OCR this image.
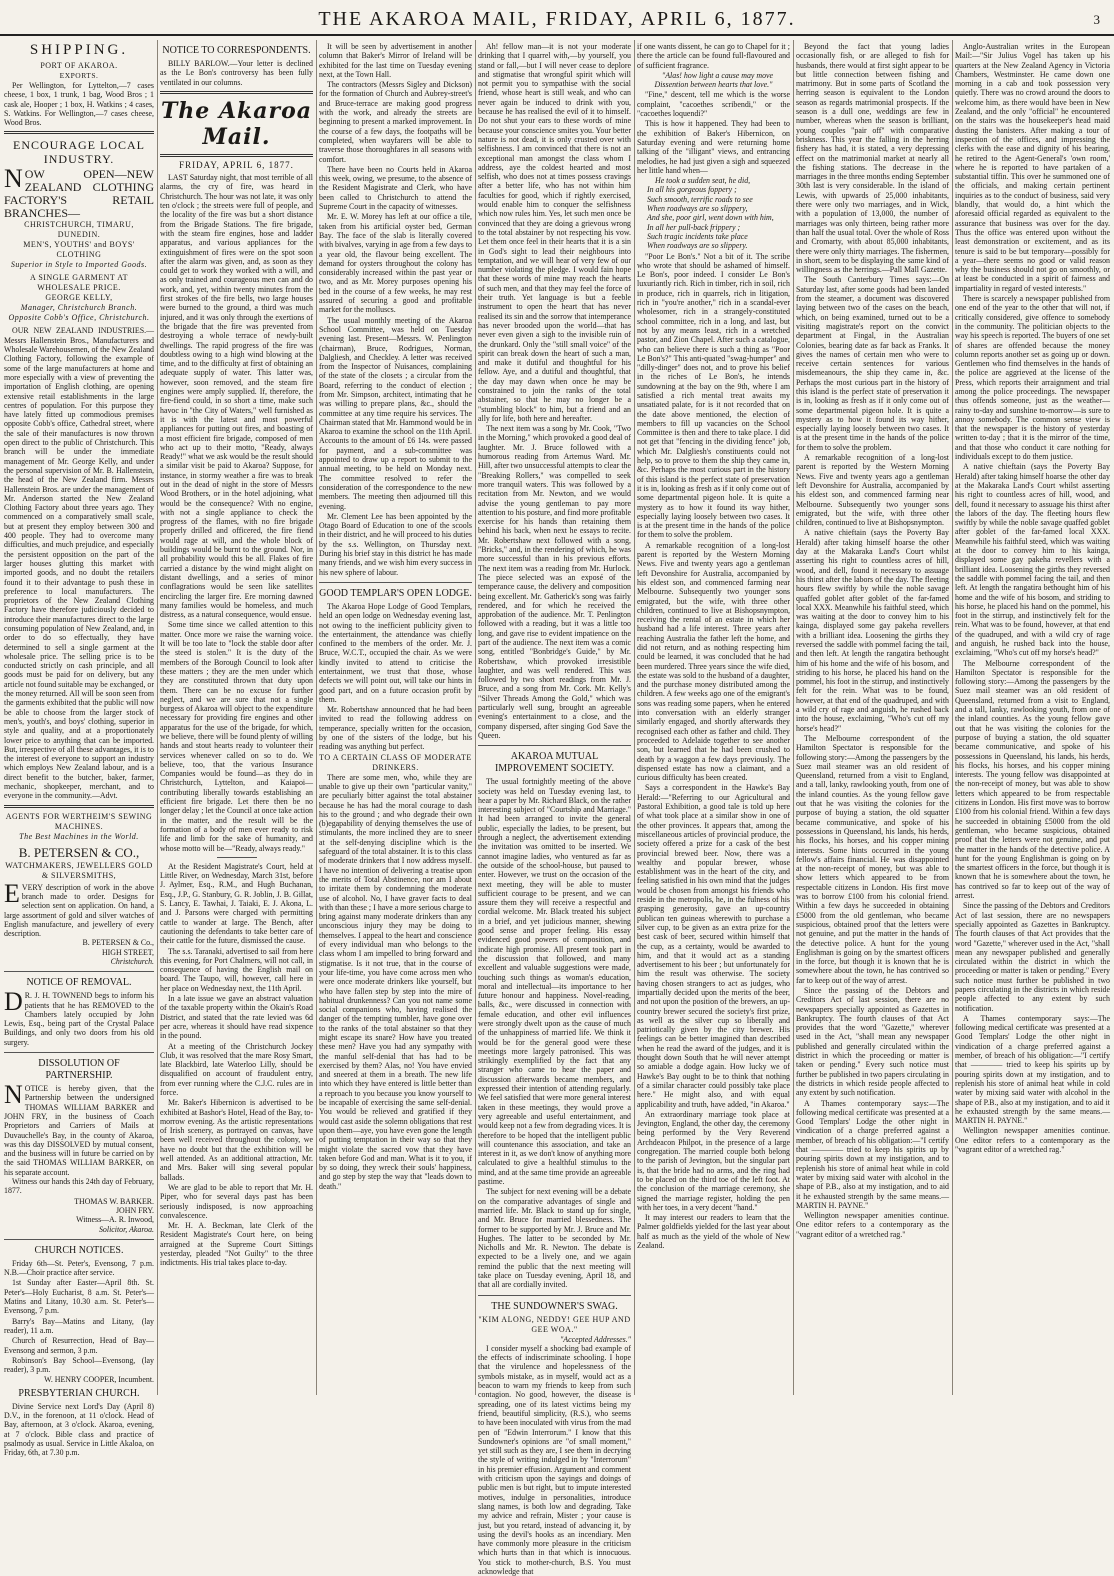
THE AKAROA MAIL, FRIDAY, APRIL 6, 1877.	3
SHIPPING.
PORT OF AKAROA.
EXPORTS.

Per Wellington, for Lyttelton,—7 cases cheese, 1 box, 1 trunk, 1 bag, Wood Bros ; 1 cask ale, Hooper ; 1 box, H. Watkins ; 4 cases, S. Watkins. For Wellington,—7 cases cheese, Wood Bros.

ENCOURAGE LOCAL INDUSTRY.
NOW OPEN—NEW ZEALAND CLOTHING FACTORY'S RETAIL BRANCHES—
CHRISTCHURCH, TIMARU, DUNEDIN.
MEN'S, YOUTHS' and BOYS' CLOTHING
Superior in Style to Imported Goods.
A SINGLE GARMENT AT WHOLESALE PRICE.
GEORGE KELLY,
Manager, Christchurch Branch.
Opposite Cobb's Office, Christchurch.

OUR NEW ZEALAND INDUSTRIES.—Messrs Hallenstein Bros., Manufacturers and Wholesale Warehousemen, of the New Zealand Clothing Factory, following the example of some of the large manufacturers at home and more especially with a view of preventing the importation of English clothing, are opening extensive retail establishments in the large centres of population. For this purpose they have lately fitted up commodious premises opposite Cobb's office, Cathedral street, where the sale of their manufactures is now thrown open direct to the public of Christchurch. This branch will be under the immediate management of Mr. George Kelly, and under the personal supervision of Mr. B. Hallenstein, the head of the New Zealand firm. Messrs Hallenstein Bros. are under the management of Mr. Anderson started the New Zealand Clothing Factory about three years ago. They commenced on a comparatively small scale, but at present they employ between 300 and 400 people. They had to overcome many difficulties, and much prejudice, and especially the persistent opposition on the part of the larger houses glutting this market with imported goods, and no doubt the retailers found it to their advantage to push these in preference to local manufacturers. The proprietors of the New Zealand Clothing Factory have therefore judiciously decided to introduce their manufactures direct to the large consuming population of New Zealand, and, in order to do so effectually, they have determined to sell a single garment at the wholesale price. The selling price is to be conducted strictly on cash principle, and all goods must be paid for on delivery, but any article not found suitable may be exchanged, or the money returned. All will be soon seen from the garments exhibited that the public will now be able to choose from the larger stock of men's, youth's, and boys' clothing, superior in style and quality, and at a proportionately lower price to anything that can be imported. But, irrespective of all these advantages, it is to the interest of everyone to support an industry which employs New Zealand labour, and is a direct benefit to the butcher, baker, farmer, mechanic, shopkeeper, merchant, and to everyone in the community.—Advt.

AGENTS FOR WERTHEIM'S SEWING MACHINES.
The Best Machines in the World.
B. PETERSEN & CO.,
WATCHMAKERS, JEWELLERS GOLD & SILVERSMITHS,
EVERY description of work in the above branch made to order. Designs for selection sent on application. On hand, a large assortment of gold and silver watches of English manufacture, and jewellery of every description.
B. PETERSEN & Co.,
HIGH STREET,
Christchurch.
NOTICE OF REMOVAL.
D R. J. H. TOWNEND begs to inform his patients that he has REMOVED to the Chambers lately occupied by John Lewis, Esq., being part of the Crystal Palace Buildings, and only two doors from his old surgery.
DISSOLUTION OF PARTNERSHIP.
NOTICE is hereby given, that the Partnership between the undersigned THOMAS WILLIAM BARKER and JOHN FRY, in the business of Coach Proprietors and Carriers of Mails at Duvauchelle's Bay, in the county of Akaroa, was this day DISSOLVED by mutual consent, and the business will in future be carried on by the said THOMAS WILLIAM BARKER, on his separate account.

Witness our hands this 24th day of February, 1877.

THOMAS W. BARKER.
JOHN FRY.
Witness—A. R. Inwood,
Solicitor, Akaroa.
CHURCH NOTICES.

Friday 6th—St. Peter's, Evensong, 7 p.m. N.B.—Choir practice after service.

1st Sunday after Easter—April 8th. St. Peter's—Holy Eucharist, 8 a.m. St. Peter's—Matins and Litany, 10.30 a.m. St. Peter's—Evensong, 7 p.m.

Barry's Bay—Matins and Litany, (lay reader), 11 a.m.

Church of Resurrection, Head of Bay—Evensong and sermon, 3 p.m.

Robinson's Bay School—Evensong, (lay reader), 3 p.m.

W. HENRY COOPER, Incumbent.
PRESBYTERIAN CHURCH.

Divine Service next Lord's Day (April 8) D.V., in the forenoon, at 11 o'clock. Head of Bay, afternoon, at 3 o'clock. Akaroa, evening, at 7 o'clock. Bible class and practice of psalmody as usual. Service in Little Akaloa, on Friday, 6th, at 7.30 p.m.

NOTICE TO CORRESPONDENTS.

BILLY BARLOW.—Your letter is declined as the Le Bon's controversy has been fully ventilated in our columns.

The Akaroa Mail.
FRIDAY, APRIL 6, 1877.

LAST Saturday night, that most terrible of all alarms, the cry of fire, was heard in Christchurch. The hour was not late, it was only ten o'clock ; the streets were full of people, and the locality of the fire was but a short distance from the Brigade Stations. The fire brigade, with the steam fire engines, hose and ladder apparatus, and various appliances for the extinguishment of fires were on the spot soon after the alarm was given, and, as soon as they could get to work they worked with a will, and as only trained and courageous men can and do work, and, yet, within twenty minutes from the first strokes of the fire bells, two large houses were burned to the ground, a third was much injured, and it was only through the exertions of the brigade that the fire was prevented from destroying a whole terrace of newly-built dwellings. The rapid progress of the fire was doubtless owing to a high wind blowing at the time, and to the difficulty at first of obtaining an adequate supply of water. This latter was, however, soon removed, and the steam fire engines were amply supplied. If, therefore, the fire-fiend could, in so short a time, make such havoc in "the City of Waters," well furnished as it is with the latest and most powerful appliances for putting out fires, and boasting of a most efficient fire brigade, composed of men who act up to their motto, "Ready, always Ready!" what we ask would be the result should a similar visit be paid to Akaroa? Suppose, for instance, in stormy weather a fire was to break out in the dead of night in the store of Messrs Wood Brothers, or in the hotel adjoining, what would be the consequence? With no engine, with not a single appliance to check the progress of the flames, with no fire brigade properly drilled and officered, the fire fiend would rage at will, and the whole block of buildings would be burnt to the ground. Nor, in all probability would this be all. Flakes of fire carried a distance by the wind might alight on distant dwellings, and a series of minor conflagrations would be seen like satellites encircling the larger fire. Ere morning dawned many families would be homeless, and much distress, as a natural consequence, would ensue.

Some time since we called attention to this matter. Once more we raise the warning voice. It will be too late to "lock the stable door after the steed is stolen." It is the duty of the members of the Borough Council to look after these matters ; they are the men under which they are constituted thrown that duty upon them. There can be no excuse for further neglect, and we are sure that not a single burgess of Akaroa will object to the expenditure necessary for providing fire engines and other apparatus for the use of the brigade, for which, we believe, there will be found plenty of willing hands and stout hearts ready to volunteer their services whenever called on so to do. We believe, too, that the various Insurance Companies would be found—as they do in Christchurch, Lyttelton, and Kaiapoi—contributing liberally towards establishing an efficient fire brigade. Let there then be no longer delay ; let the Council at once take action in the matter, and the result will be the formation of a body of men ever ready to risk life and limb for the sake of humanity, and whose motto will be—"Ready, always ready."

At the Resident Magistrate's Court, held at Little River, on Wednesday, March 31st, before J. Aylmer, Esq., R.M., and Hugh Buchanan, Esq., J.P., G. Stanbury, G. R. Joblin, J. B. Gillat, S. Lancy, E. Tawhai, J. Taiaki, E. J. Akona, L. and J. Parsons were charged with permitting cattle to wander at large. The Bench, after cautioning the defendants to take better care of their cattle for the future, dismissed the cause.

The s.s. Taranaki, advertised to sail from here this evening, for Port Chalmers, will not call, in consequence of having the English mail on board. The Taupo, will, however, call here in her place on Wednesday next, the 11th April.

In a late issue we gave an abstract valuation of the taxable property within the Okain's Road District, and stated that the rate levied was 6d per acre, whereas it should have read sixpence in the pound.

At a meeting of the Christchurch Jockey Club, it was resolved that the mare Rosy Smart, late Blackbird, late Waterloo Lilly, should be disqualified on account of fraudulent entry, from ever running where the C.J.C. rules are in force.

Mr. Baker's Hibernicon is advertised to be exhibited at Bashor's Hotel, Head of the Bay, to-morrow evening. As the artistic representations of Irish scenery, as portrayed on canvas, have been well received throughout the colony, we have no doubt but that the exhibition will be well attended. As an additional attraction, Mr. and Mrs. Baker will sing several popular ballads.

We are glad to be able to report that Mr. H. Piper, who for several days past has been seriously indisposed, is now approaching convalescence.

Mr. H. A. Beckman, late Clerk of the Resident Magistrate's Court here, on being arraigned at the Supreme Court Sittings yesterday, pleaded "Not Guilty" to the three indictments. His trial takes place to-day.

It will be seen by advertisement in another column that Baker's Mirror of Ireland will be exhibited for the last time on Tuesday evening next, at the Town Hall.

The contractors (Messrs Sigley and Dickson) for the formation of Church and Aubrey-street's and Bruce-terrace are making good progress with the work, and already the streets are beginning to present a marked improvement. In the course of a few days, the footpaths will be completed, when wayfarers will be able to traverse those thoroughfares in all seasons with comfort.

There have been no Courts held in Akaroa this week, owing, we presume, to the absence of the Resident Magistrate and Clerk, who have been called to Christchurch to attend the Supreme Court in the capacity of witnesses.

Mr. E. W. Morey has left at our office a tile, taken from his artificial oyster bed, German Bay. The face of the slab is literally covered with bivalves, varying in age from a few days to a year old, the flavour being excellent. The demand for oysters throughout the colony has considerably increased within the past year or two, and as Mr. Morey purposes opening his bed in the course of a few weeks, he may rest assured of securing a good and profitable market for the molluscs.

The usual monthly meeting of the Akaroa School Committee, was held on Tuesday evening last. Present—Messrs. W. Penlington (chairman), Bruce, Rodrigues, Norman, Dalgliesh, and Checkley. A letter was received from the Inspector of Nuisances, complaining of the state of the closets ; a circular from the Board, referring to the conduct of election ; from Mr. Simpson, architect, intimating that he was willing to prepare plans, &c., should the committee at any time require his services. The Chairman stated that Mr. Hammond would be in Akaroa to examine the school on the 11th April. Accounts to the amount of £6 14s. were passed for payment, and a sub-committee was appointed to draw up a report to submit to the annual meeting, to be held on Monday next. The committee resolved to refer the consideration of the correspondence to the new members. The meeting then adjourned till this evening.

Mr. Clement Lee has been appointed by the Otago Board of Education to one of the scools in their district, and he will proceed to his duties by the s.s. Wellington, on Thursday next. During his brief stay in this district he has made many friends, and we wish him every success in his new sphere of labour.

GOOD TEMPLAR'S OPEN LODGE.

The Akaroa Hope Lodge of Good Templars, held an open lodge on Wednesday evening last, not owing to the inefficient publicity given to the entertainment, the attendance was chiefly confined to the members of the order. Mr. J. Bruce, W.C.T., occupied the chair. As we were kindly invited to attend to criticise the entertainment, we trust that those, whose defects we will point out, will take our hints in good part, and on a future occasion profit by them.

Mr. Robertshaw announced that he had been invited to read the following address on temperance, specially written for the occasion, by one of the sisters of the lodge, but his reading was anything but perfect.

TO A CERTAIN CLASS OF MODERATE DRINKERS.

There are some men, who, while they are unable to give up their own "particular vanity," are peculiarly bitter against the total abstainer because he has had the moral courage to dash his to the ground ; and who degrade their own (b)egapability of denying themselves the use of stimulants, the more inclined they are to sneer at the self-denying discipline which is the safeguard of the total abstainer. It is to this class of moderate drinkers that I now address myself. I have no intention of delivering a treatise upon the merits of Total Abstinence, nor am I about to irritate them by condemning the moderate use of alcohol. No, I have graver facts to deal with than these ; I have a more serious charge to bring against many moderate drinkers than any unconscious injury they may be doing to themselves. I appeal to the heart and conscience of every individual man who belongs to the class whom I am impelled to bring forward and stigmatise. Is it not true, that in the course of your life-time, you have come across men who were once moderate drinkers like yourself, but who have fallen step by step into the mire of habitual drunkenness? Can you not name some social companions who, having realised the danger of the tempting tumbler, have gone over to the ranks of the total abstainer so that they might escape its snare? How have you treated these men? Have you had any sympathy with the manful self-denial that has had to be exercised by them? Alas, no! You have envied and sneered at them in a breath. The new life into which they have entered is little better than a reproach to you because you know yourself to be incapable of exercising the same self-denial. You would be relieved and gratified if they would cast aside the solemn obligations that rest upon them—aye, you have even gone the length of putting temptation in their way so that they might violate the sacred vow that they have taken before God and man. What is it to you, if by so doing, they wreck their souls' happiness, and go step by step the way that "leads down to death."

Ah! fellow man—it is not your moderate drinking that I quarrel with,—by yourself, you stand or fall,—but I will never cease to deplore and stigmatise that wrongful spirit which will not permit you to sympathise with the social friend, whose heart is still weak, and who can never again be induced to drink with you, because he has realised the evil of it to himself. Do not shut your ears to these words of mine because your conscience smites you. Your better nature is not dead, it is only crusted over with selfishness. I am convinced that there is not an exceptional man amongst the class whom I address, aye the coldest hearted and most selfish, who does not at times possess cravings after a better life, who has not within him faculties for good, which if rightly exercised, would enable him to conquer the selfishness which now rules him. Yes, let such men once be convinced that they are doing a grievous wrong to the total abstainer by not respecting his vow. Let them once feel in their hearts that it is a sin in God's sight to lead their neighbours into temptation, and we will hear of very few of our number violating the pledge. I would fain hope that these words of mine may reach the hearts of such men, and that they may feel the force of their truth. Yet language is but a feeble instrument to open the heart that has never realised its sin and the sorrow that intemperance has never brooded upon the world—that has never even given a sigh to the invisible ruin of the drunkard. Only the "still small voice" of the spirit can break down the heart of such a man, and make it dutiful and thoughtful for his fellow. Aye, and a dutiful and thoughtful, that the day may dawn when once he may be constrained to join the ranks of the total abstainer, so that he may no longer be a "stumbling block" to him, but a friend and an ally for life, both here and hereafter.

The next item was a song by Mr. Cook, "Two in the Morning," which provoked a good deal of laughter. Mr. J. Bruce followed with a humorous reading from Artemus Ward. Mr. Hill, after two unsuccessful attempts to clear the "Breaking Rollers," was compelled to seek more tranquil waters. This was followed by a recitation from Mr. Newton, and we would advise the young gentleman to pay more attention to his posture, and find more profitable exercise for his hands than retaining them behind his back, when next he essays to recite. Mr. Robertshaw next followed with a song, "Bricks," and, in the rendering of which, he was more successful than in his previous efforts. The next item was a reading from Mr. Hurlock. The piece selected was an exposé of the temperance cause, the delivery and composition being excellent. Mr. Gatherick's song was fairly rendered, and for which he received the approbation of the audience. Mr. T. Penlington followed with a reading, but it was a little too long, and gave rise to evident impatience on the part of the audience. The next item was a comic song, entitled "Bonbridge's Guide," by Mr. Robertshaw, which provoked irresistible laughter, and was well rendered. This was followed by two short readings from Mr. J. Bruce, and a song from Mr. Cork. Mr. Kelly's "Silver Threads Among the Gold," which was particularly well sung, brought an agreeable evening's entertainment to a close, and the company dispersed, after singing God Save the Queen.

AKAROA MUTUAL IMPROVEMENT SOCIETY.

The usual fortnightly meeting of the above society was held on Tuesday evening last, to hear a paper by Mr. Richard Black, on the rather interesting subject of "Courtship and Marriage." It had been arranged to invite the general public, especially the ladies, to be present, but through a neglect, the advertisement extending the invitation was omitted to be inserted. We cannot imagine ladies, who ventured as far as the outside of the school-house, but paused to enter. However, we trust on the occasion of the next meeting, they will be able to muster sufficient courage to be present, and we can assure them they will receive a respectful and cordial welcome. Mr. Black treated his subject in a brief, and yet judicious manner, shewing good sense and proper feeling. His essay evidenced good powers of composition, and indicate high promise. All present took part in the discussion that followed, and many excellent and valuable suggestions were made, touching such things as woman's education, moral and intellectual—its importance to her future honour and happiness. Novel-reading, balls, &c., were discussed in connection with female education, and other evil influences were strongly dwelt upon as the cause of much of the unhappiness of married life. We think it would be for the general good were these meetings more largely patronised. This was strikingly exemplified by the fact that any stranger who came to hear the paper and discussion afterwards became members, and expressed their intention of attending regularly. We feel satisfied that were more general interest taken in these meetings, they would prove a very agreeable and useful entertainment, and would keep not a few from degrading vices. It is therefore to be hoped that the intelligent public will countenance this association, and take an interest in it, as we don't know of anything more calculated to give a healthful stimulus to the mind, and at the same time provide an agreeable pastime.

The subject for next evening will be a debate on the comparative advantages of single and married life. Mr. Black to stand up for single, and Mr. Bruce for married blessedness. The former to be supported by Mr. J. Bruce and Mr. Hughes. The latter to be seconded by Mr. Nicholls and Mr. R. Newton. The debate is expected to be a lively one, and we again remind the public that the next meeting will take place on Tuesday evening, April 18, and that all are cordially invited.

THE SUNDOWNER'S SWAG.
"KIM ALONG, NEDDY! GEE HUP AND GEE WOA."
"Accepted Addresses."

I consider myself a shocking bad example of the effects of indiscriminate schooling. I hope that the virulence and hopelessness of the symbols mistake, as in myself, would act as a beacon to warn my friends to keep from such contagion. No good, however, the disease is spreading, one of its latest victims being my friend, beautiful simplicity, (R.S.), who seems to have been inoculated with virus from the mad pen of "Edwin Interrorum." I know that this Sundowner's opinions are "of small moment," yet still such as they are, I see them in decrying the style of writing indulged in by "Interrorum" in his premier effusion. Argument and comment with criticism upon the sayings and doings of public men is but right, but to impute interested motives, indulge in personalities, introduce slang names, is both low and degrading. Take my advice and refrain, Mister ; your cause is just, but you retard, instead of advancing it, by using the devil's hooks as an incendiary. Men have commonly more pleasure in the criticism which hurts than in that which is innocuous. You stick to mother-church, B.S. You must acknowledge that

if one wants dissent, he can go to Chapel for it ; there the article can be found full-flavoured and of sufficient fragrance.

"Alas! how light a cause may move Dissention between hearts that love."

"Fine," descent, tell me which is the worse complaint, "cacoethes scribendi," or the "cacoethes loquendi?"

This is how it happened. They had been to the exhibition of Baker's Hibernicon, on Saturday evening and were returning home talking of the "illigant" views, and entrancing melodies, he had just given a sigh and squeezed her little hand when—

He took a sudden seat, he did,
In all his gorgeous foppery ;
Such smooth, terrific roads to see
When roadways are so slippery,
And she, poor girl, went down with him,
In all her pull-back frippery ;
Such tragic incidents take place
When roadways are so slippery.

"Poor Le Bon's." Not a bit of it. The scribe who wrote that should be ashamed of himself. Le Bon's, poor indeed. I consider Le Bon's luxuriantly rich. Rich in timber, rich in soil, rich in produce, rich in quarrels, rich in litigation, rich in "you're another," rich in a scandal-ever wholesomer, rich in a strangely-constituted school committee, rich in a long, and last, but not by any means least, rich in a wretched pastor, and Zion Chapel. After such a catalogue, who can believe there is such a thing as "Poor Le Bon's?" This anti-quated "swag-humper" and "dilly-dinger" does not, and to prove his belief in the riches of Le Bon's, he intends sundowning at the bay on the 9th, where I am satisfied a rich mental treat awaits my unsatiated palate, for is it not recorded that on the date above mentioned, the election of members to fill up vacancies on the School Committee is then and there to take place. I did not get that "fencing in the dividing fence" job, which Mr. Dalgliesh's constituents could not help, so to prove to them the ship they came in, &c. Perhaps the most curious part in the history of this island is the perfect state of preservation it is in, looking as fresh as if it only come out of some departmental pigeon hole. It is quite a mystery as to how it found its way hither, especially laying loosely between two cases. It is at the present time in the hands of the police for them to solve the problem.

A remarkable recognition of a long-lost parent is reported by the Western Morning News. Five and twenty years ago a gentleman left Devonshire for Australia, accompanied by his eldest son, and commenced farming near Melbourne. Subsequently two younger sons emigrated, but the wife, with three other children, continued to live at Bishopsnympton, receiving the rental of an estate in which her husband had a life interest. Three years after reaching Australia the father left the home, and did not return, and as nothing respecting him could be learned, it was concluded that he had been murdered. Three years since the wife died, the estate was sold to the husband of a daughter, and the purchase money distributed among the children. A few weeks ago one of the emigrant's sons was reading some papers, when he entered into conversation with an elderly stranger similarly engaged, and shortly afterwards they recognised each other as father and child. They proceeded to Adelaide together to see another son, but learned that he had been crushed to death by a waggon a few days previously. The dispensed estate has now a claimant, and a curious difficulty has been created.

Says a correspondent in the Hawke's Bay Herald:—"Referring to our Agricultural and Pastoral Exhibition, a good tale is told up here of what took place at a similar show in one of the other provinces. It appears that, among the miscellaneous articles of provincial produce, the society offered a prize for a cask of the best provincial brewed beer. Now, there was a wealthy and popular brewer, whose establishment was in the heart of the city, and feeling satisfied in his own mind that the judges would be chosen from amongst his friends who reside in the metropolis, he, in the fulness of his grasping generosity, gave an up-country publican ten guineas wherewith to purchase a silver cup, to be given as an extra prize for the best cask of beer, secured within himself that the cup, as a certainty, would be awarded to him, and that it would act as a standing advertisement to his beer ; but unfortunately for him the result was otherwise. The society having chosen strangers to act as judges, who impartially decided upon the merits of the beer, and not upon the position of the brewers, an up-country brewer secured the society's first prize, as well as the silver cup so liberally and patriotically given by the city brewer. His feelings can be better imagined than described when he read the award of the judges, and it is thought down South that he will never attempt so amiable a dodge again. How lucky we of Hawke's Bay ought to be to think that nothing of a similar character could possibly take place here." He might also, and with equal applicability and truth, have added, "in Akaroa."

An extraordinary marriage took place at Jevington, England, the other day, the ceremony being performed by the Very Reverend Archdeacon Philpot, in the presence of a large congregation. The married couple both belong to the parish of Jevington, but the singular part is, that the bride had no arms, and the ring had to be placed on the third toe of the left foot. At the conclusion of the marriage ceremony, she signed the marriage register, holding the pen with her toes, in a very decent "hand."

It may interest our readers to learn that the Palmer goldfields yielded for the last year about half as much as the yield of the whole of New Zealand.

Beyond the fact that young ladies occasionally fish, or are alleged to fish for husbands, there would at first sight appear to be but little connection between fishing and matrimony. But in some parts of Scotland the herring season is equivalent to the London season as regards matrimonial prospects. If the season is a dull one, weddings are few in number, whereas when the season is brilliant, young couples "pair off" with comparative briskness. This year the falling in the herring fishery has had, it is stated, a very depressing effect on the matrimonial market at nearly all the fishing stations. The decrease in the marriages in the three months ending September 30th last is very considerable. In the island of Lewis, with upwards of 25,000 inhabitants, there were only two marriages, and in Wick, with a population of 13,000, the number of marriages was only thirteen, being rather more than half the usual total. Over the whole of Ross and Cromarty, with about 85,000 inhabitants, there were only thirty marriages. The fishermen, in short, seem to be displaying the same kind of willingness as the herrings.—Pall Mall Gazette.

The South Canterbury Times says:—On Saturday last, after some goods had been landed from the steamer, a document was discovered laying between two of the cases on the beach, which, on being examined, turned out to be a visiting magistrate's report on the convict department at Fingal, in the Australian Colonies, bearing date as far back as Franks. It gives the names of certain men who were to receive certain sentences for various misdemeanours, the ship they came in, &c. Perhaps the most curious part in the history of this island is the perfect state of preservation it is in, looking as fresh as if it only come out of some departmental pigeon hole. It is quite a mystery as to how it found its way hither, especially laying loosely between two cases. It is at the present time in the hands of the police for them to solve the problem.

A remarkable recognition of a long-lost parent is reported by the Western Morning News. Five and twenty years ago a gentleman left Devonshire for Australia, accompanied by his eldest son, and commenced farming near Melbourne. Subsequently two younger sons emigrated, but the wife, with three other children, continued to live at Bishopsnympton.

A native chieftain (says the Poverty Bay Herald) after taking himself hoarse the other day at the Makaraka Land's Court whilst asserting his right to countless acres of hill, wood, and dell, found it necessary to assuage his thirst after the labors of the day. The fleeting hours flew swiftly by while the noble savage quaffed goblet after goblet of the far-famed local XXX. Meanwhile his faithful steed, which was waiting at the door to convey him to his kainga, displayed some gay pakeha revellers with a brilliant idea. Loosening the girths they reversed the saddle with pommel facing the tail, and then left. At length the rangatira bethought him of his home and the wife of his bosom, and striding to his horse, he placed his hand on the pommel, his foot in the stirrup, and instinctively felt for the rein. What was to be found, however, at that end of the quadruped, and with a wild cry of rage and anguish, he rushed back into the house, exclaiming, "Who's cut off my horse's head?"

The Melbourne correspondent of the Hamilton Spectator is responsible for the following story:—Among the passengers by the Suez mail steamer was an old resident of Queensland, returned from a visit to England, and a tall, lanky, rawlooking youth, from one of the inland counties. As the young fellow gave out that he was visiting the colonies for the purpose of buying a station, the old squatter became communicative, and spoke of his possessions in Queensland, his lands, his herds, his flocks, his horses, and his copper mining interests. Some hints occurred in the young fellow's affairs financial. He was disappointed at the non-receipt of money, but was able to show letters which appeared to be from respectable citizens in London. His first move was to borrow £100 from his colonial friend. Within a few days he succeeded in obtaining £5000 from the old gentleman, who became suspicious, obtained proof that the letters were not genuine, and put the matter in the hands of the detective police. A hunt for the young Englishman is going on by the smartest officers in the force, but though it is known that he is somewhere about the town, he has contrived so far to keep out of the way of arrest.

Since the passing of the Debtors and Creditors Act of last session, there are no newspapers specially appointed as Gazettes in Bankruptcy. The fourth clauses of that Act provides that the word "Gazette," wherever used in the Act, "shall mean any newspaper published and generally circulated within the district in which the proceeding or matter is taken or pending." Every such notice must further be published in two papers circulating in the districts in which reside people affected to any extent by such notification.

A Thames contemporary says:—The following medical certificate was presented at a Good Templars' Lodge the other night in vindication of a charge preferred against a member, of breach of his obligation:—"I certify that ———— tried to keep his spirits up by pouring spirits down at my instigation, and to replenish his store of animal heat while in cold water by mixing said water with alcohol in the shape of P.B., also at my instigation, and to aid it he exhausted strength by the same means.—MARTIN H. PAYNE."

Wellington newspaper amenities continue. One editor refers to a contemporary as the "vagrant editor of a wretched rag."

Anglo-Australian writes in the European Mail:—"Sir Julius Vogel has taken up his quarters at the New Zealand Agency in Victoria Chambers, Westminster. He came down one morning in a cab and took possession very quietly. There was no crowd around the doors to welcome him, as there would have been in New Zealand, and the only "official" he encountered on the stairs was the housekeeper's head maid dusting the banisters. After making a tour of inspection of the offices, and impressing the clerks with the ease and dignity of his bearing, he retired to the Agent-General's 'own room,' where he is reported to have partaken of a substantial tiffin. This over he summoned one of the officials, and making certain pertinent inquiries as to the conduct of business, said very blandly, that would do, a hint which the aforesaid official regarded as equivalent to the assurance that business was over for the day. Thus the office was entered upon without the least demonstration or excitement, and as its tenure is said to be but temporary—possibly for a year—there seems no good or valid reason why the business should not go on smoothly, or at least be conducted in a spirit of fairness and impartiality in regard of vested interests."

There is scarcely a newspaper published from one end of the year to the other that will not, if critically considered, give offence to somebody in the community. The politician objects to the way his speech is reported. The buyers of one set of shares are offended because the money column reports another set as going up or down. Gentlemen who find themselves in the hands of the police are aggrieved at the license of the Press, which reports their arraignment and trial among the police proceedings. The newspaper thus offends someone, just as the weather—rainy to-day and sunshine to-morrow—is sure to annoy somebody. The common sense view is that the newspaper is the history of yesterday written to-day ; that it is the mirror of the time, and that those who conduct it care nothing for individuals except to do them justice.

A native chieftain (says the Poverty Bay Herald) after taking himself hoarse the other day at the Makaraka Land's Court whilst asserting his right to countless acres of hill, wood, and dell, found it necessary to assuage his thirst after the labors of the day. The fleeting hours flew swiftly by while the noble savage quaffed goblet after goblet of the far-famed local XXX. Meanwhile his faithful steed, which was waiting at the door to convey him to his kainga, displayed some gay pakeha revellers with a brilliant idea. Loosening the girths they reversed the saddle with pommel facing the tail, and then left. At length the rangatira bethought him of his home and the wife of his bosom, and striding to his horse, he placed his hand on the pommel, his foot in the stirrup, and instinctively felt for the rein. What was to be found, however, at that end of the quadruped, and with a wild cry of rage and anguish, he rushed back into the house, exclaiming, "Who's cut off my horse's head?"

The Melbourne correspondent of the Hamilton Spectator is responsible for the following story:—Among the passengers by the Suez mail steamer was an old resident of Queensland, returned from a visit to England, and a tall, lanky, rawlooking youth, from one of the inland counties. As the young fellow gave out that he was visiting the colonies for the purpose of buying a station, the old squatter became communicative, and spoke of his possessions in Queensland, his lands, his herds, his flocks, his horses, and his copper mining interests. The young fellow was disappointed at the non-receipt of money, but was able to show letters which appeared to be from respectable citizens in London. His first move was to borrow £100 from his colonial friend. Within a few days he succeeded in obtaining £5000 from the old gentleman, who became suspicious, obtained proof that the letters were not genuine, and put the matter in the hands of the detective police. A hunt for the young Englishman is going on by the smartest officers in the force, but though it is known that he is somewhere about the town, he has contrived so far to keep out of the way of arrest.

Since the passing of the Debtors and Creditors Act of last session, there are no newspapers specially appointed as Gazettes in Bankruptcy. The fourth clauses of that Act provides that the word "Gazette," wherever used in the Act, "shall mean any newspaper published and generally circulated within the district in which the proceeding or matter is taken or pending." Every such notice must further be published in two papers circulating in the districts in which reside people affected to any extent by such notification.

A Thames contemporary says:—The following medical certificate was presented at a Good Templars' Lodge the other night in vindication of a charge preferred against a member, of breach of his obligation:—"I certify that ———— tried to keep his spirits up by pouring spirits down at my instigation, and to replenish his store of animal heat while in cold water by mixing said water with alcohol in the shape of P.B., also at my instigation, and to aid it he exhausted strength by the same means.—MARTIN H. PAYNE."

Wellington newspaper amenities continue. One editor refers to a contemporary as the "vagrant editor of a wretched rag."
